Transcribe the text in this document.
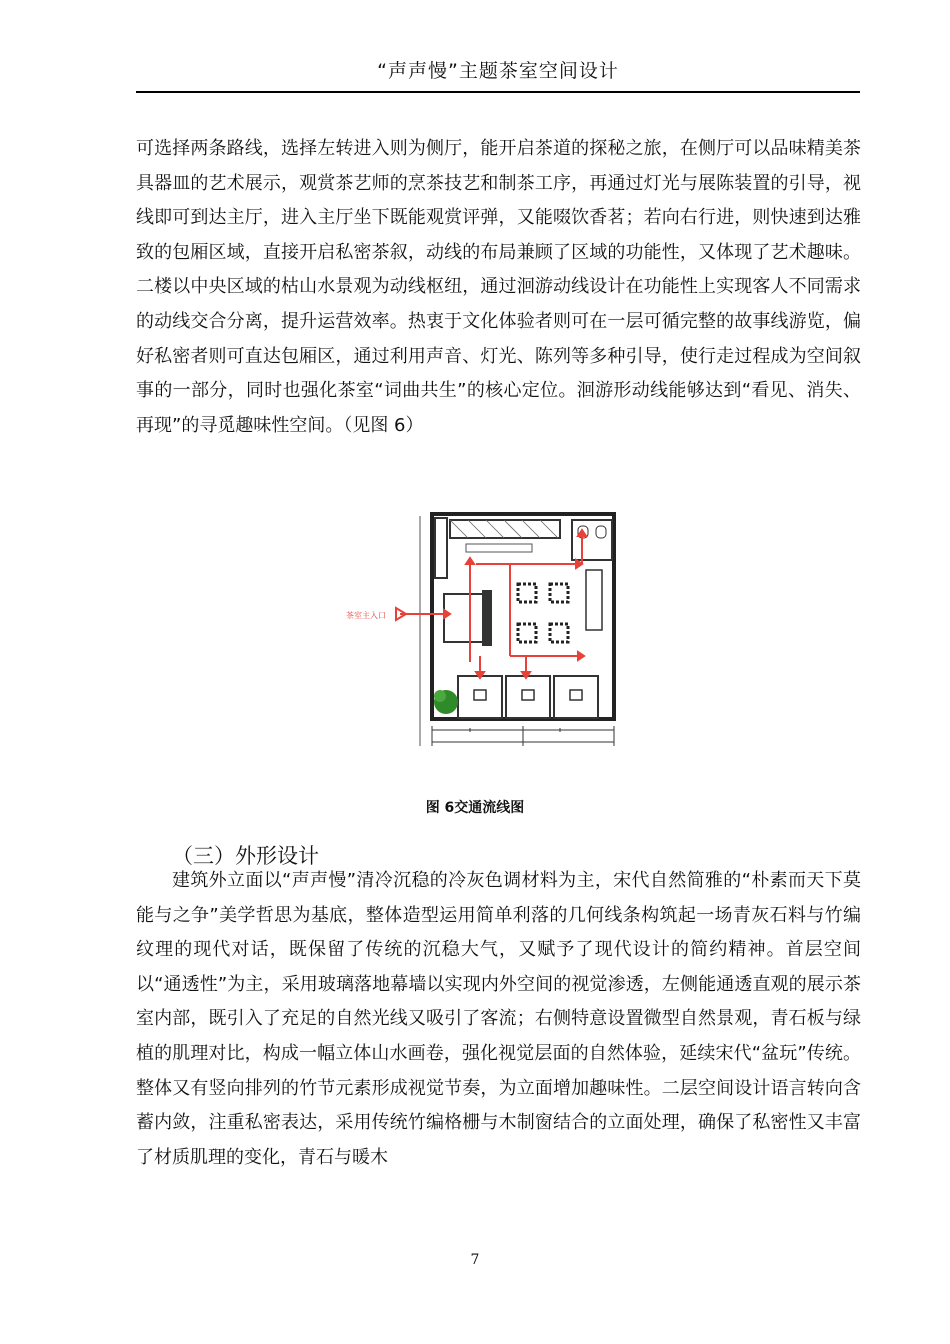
“声声慢”主题茶室空间设计

可选择两条路线，选择左转进入则为侧厅，能开启茶道的探秘之旅，在侧厅可以品味精美茶具器皿的艺术展示，观赏茶艺师的烹茶技艺和制茶工序，再通过灯光与展陈装置的引导，视线即可到达主厅，进入主厅坐下既能观赏评弹，又能啜饮香茗；若向右行进，则快速到达雅致的包厢区域，直接开启私密茶叙，动线的布局兼顾了区域的功能性，又体现了艺术趣味。二楼以中央区域的枯山水景观为动线枢纽，通过洄游动线设计在功能性上实现客人不同需求的动线交合分离，提升运营效率。热衷于文化体验者则可在一层可循完整的故事线游览，偏好私密者则可直达包厢区，通过利用声音、灯光、陈列等多种引导，使行走过程成为空间叙事的一部分，同时也强化茶室“词曲共生”的核心定位。洄游形动线能够达到“看见、消失、再现”的寻觅趣味性空间。（见图 6）

茶室主入口
图 6交通流线图
（三）外形设计

建筑外立面以“声声慢”清冷沉稳的冷灰色调材料为主，宋代自然简雅的“朴素而天下莫能与之争”美学哲思为基底，整体造型运用简单利落的几何线条构筑起一场青灰石料与竹编纹理的现代对话，既保留了传统的沉稳大气，又赋予了现代设计的简约精神。首层空间以“通透性”为主，采用玻璃落地幕墙以实现内外空间的视觉渗透，左侧能通透直观的展示茶室内部，既引入了充足的自然光线又吸引了客流；右侧特意设置微型自然景观，青石板与绿植的肌理对比，构成一幅立体山水画卷，强化视觉层面的自然体验，延续宋代“盆玩”传统。整体又有竖向排列的竹节元素形成视觉节奏，为立面增加趣味性。二层空间设计语言转向含蓄内敛，注重私密表达，采用传统竹编格栅与木制窗结合的立面处理，确保了私密性又丰富了材质肌理的变化，青石与暖木

7
